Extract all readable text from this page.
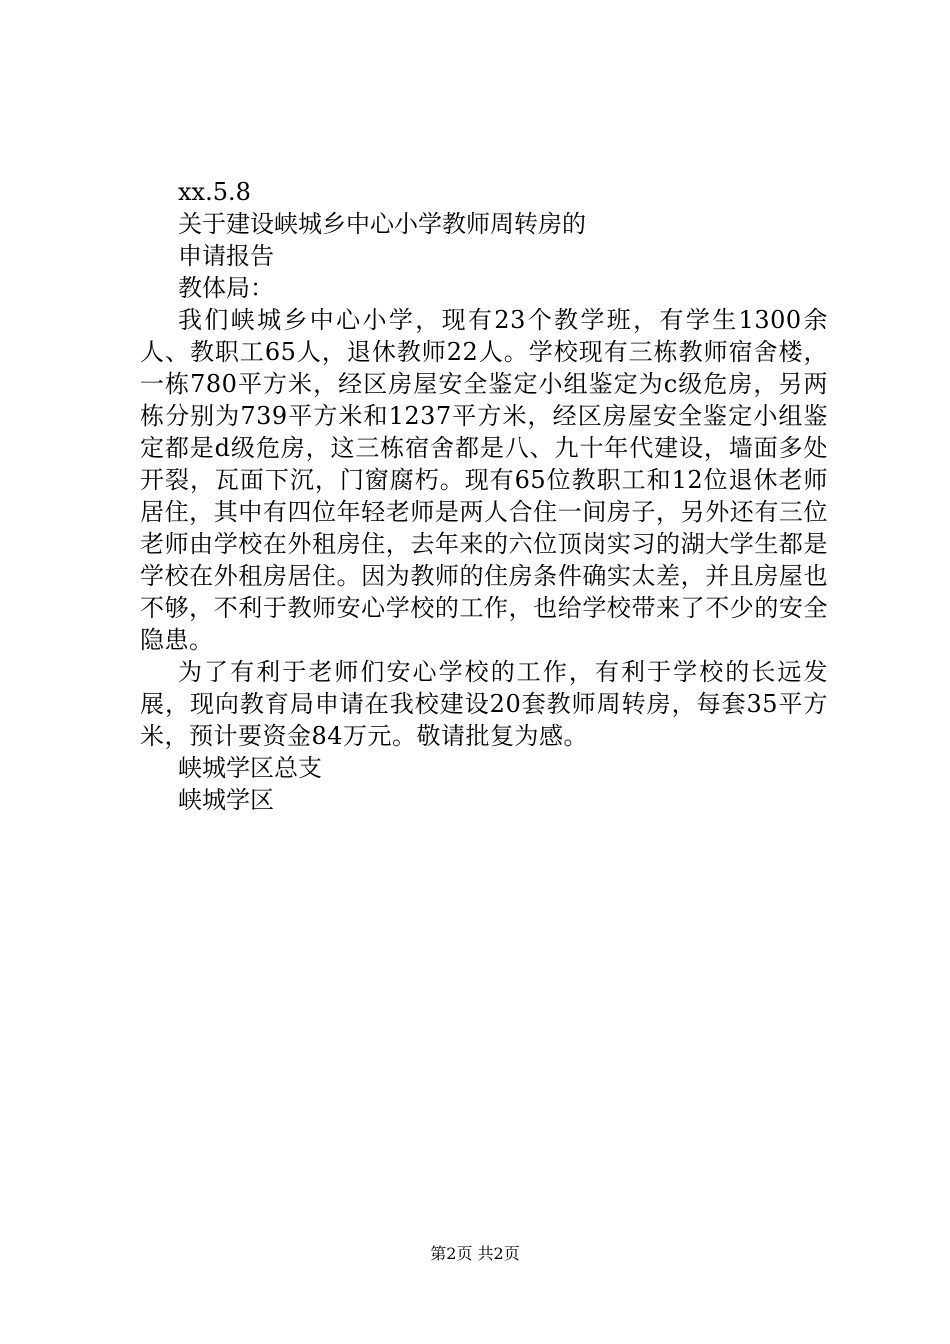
xx.5.8

关于建设峡城乡中心小学教师周转房的

申请报告

教体局：

我们峡城乡中心小学，现有23个教学班，有学生1300余人、教职工65人，退休教师22人。学校现有三栋教师宿舍楼，一栋780平方米，经区房屋安全鉴定小组鉴定为c级危房，另两栋分别为739平方米和1237平方米，经区房屋安全鉴定小组鉴定都是d级危房，这三栋宿舍都是八、九十年代建设，墙面多处开裂，瓦面下沉，门窗腐朽。现有65位教职工和12位退休老师居住，其中有四位年轻老师是两人合住一间房子，另外还有三位老师由学校在外租房住，去年来的六位顶岗实习的湖大学生都是学校在外租房居住。因为教师的住房条件确实太差，并且房屋也不够，不利于教师安心学校的工作，也给学校带来了不少的安全隐患。

为了有利于老师们安心学校的工作，有利于学校的长远发展，现向教育局申请在我校建设20套教师周转房，每套35平方米，预计要资金84万元。敬请批复为感。

峡城学区总支

峡城学区

第2页 共2页
